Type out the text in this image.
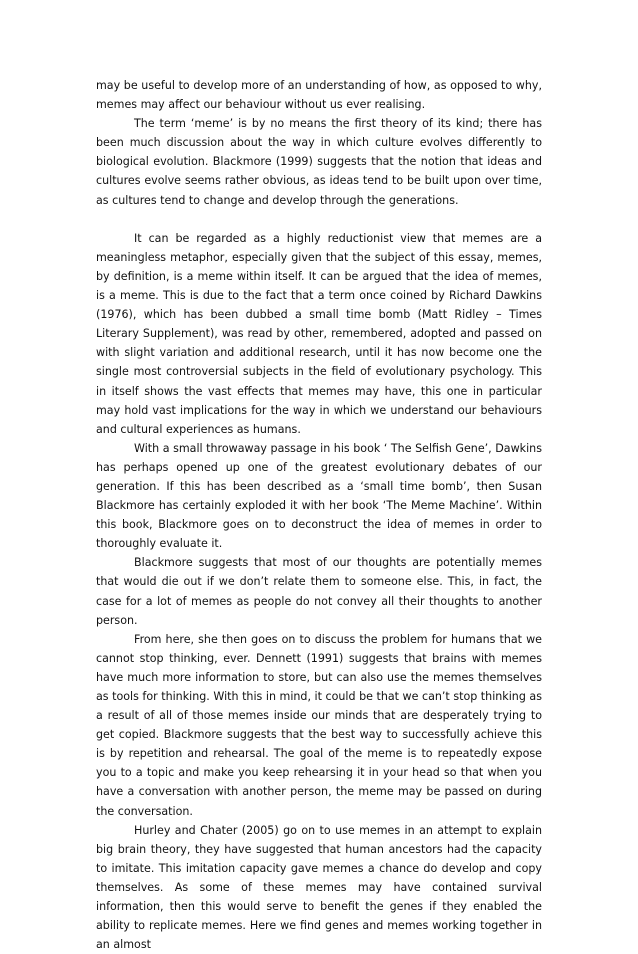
may be useful to develop more of an understanding of how, as opposed to why, memes may affect our behaviour without us ever realising.

The term ‘meme’ is by no means the first theory of its kind; there has been much discussion about the way in which culture evolves differently to biological evolution. Blackmore (1999) suggests that the notion that ideas and cultures evolve seems rather obvious, as ideas tend to be built upon over time, as cultures tend to change and develop through the generations.

It can be regarded as a highly reductionist view that memes are a meaningless metaphor, especially given that the subject of this essay, memes, by definition, is a meme within itself. It can be argued that the idea of memes, is a meme. This is due to the fact that a term once coined by Richard Dawkins (1976), which has been dubbed a small time bomb (Matt Ridley – Times Literary Supplement), was read by other, remembered, adopted and passed on with slight variation and additional research, until it has now become one the single most controversial subjects in the field of evolutionary psychology. This in itself shows the vast effects that memes may have, this one in particular may hold vast implications for the way in which we understand our behaviours and cultural experiences as humans.

With a small throwaway passage in his book ‘ The Selfish Gene’, Dawkins has perhaps opened up one of the greatest evolutionary debates of our generation. If this has been described as a ‘small time bomb’, then Susan Blackmore has certainly exploded it with her book ‘The Meme Machine’. Within this book, Blackmore goes on to deconstruct the idea of memes in order to thoroughly evaluate it.

Blackmore suggests that most of our thoughts are potentially memes that would die out if we don’t relate them to someone else. This, in fact, the case for a lot of memes as people do not convey all their thoughts to another person.

From here, she then goes on to discuss the problem for humans that we cannot stop thinking, ever. Dennett (1991) suggests that brains with memes have much more information to store, but can also use the memes themselves as tools for thinking. With this in mind, it could be that we can’t stop thinking as a result of all of those memes inside our minds that are desperately trying to get copied. Blackmore suggests that the best way to successfully achieve this is by repetition and rehearsal. The goal of the meme is to repeatedly expose you to a topic and make you keep rehearsing it in your head so that when you have a conversation with another person, the meme may be passed on during the conversation.

Hurley and Chater (2005) go on to use memes in an attempt to explain big brain theory, they have suggested that human ancestors had the capacity to imitate. This imitation capacity gave memes a chance do develop and copy themselves. As some of these memes may have contained survival information, then this would serve to benefit the genes if they enabled the ability to replicate memes. Here we find genes and memes working together in an almost
